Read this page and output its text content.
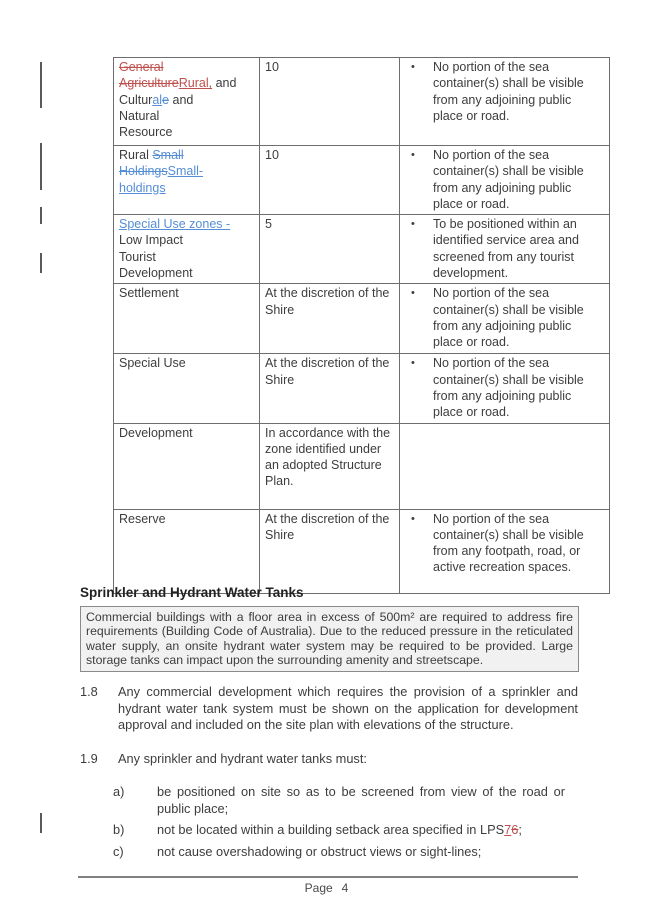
General
AgricultureRural, and
Culturale and
Natural
Resource	10	• No portion of the sea container(s) shall be visible from any adjoining public place or road.

Rural Small
HoldingsSmall-
holdings	10	• No portion of the sea container(s) shall be visible from any adjoining public place or road.

Special Use zones -
Low Impact
Tourist
Development	5	• To be positioned within an identified service area and screened from any tourist development.

Settlement	At the discretion of the Shire	• No portion of the sea container(s) shall be visible from any adjoining public place or road.

Special Use	At the discretion of the Shire	• No portion of the sea container(s) shall be visible from any adjoining public place or road.

Development	In accordance with the zone identified under an adopted Structure Plan.	

Reserve	At the discretion of the Shire	• No portion of the sea container(s) shall be visible from any footpath, road, or active recreation spaces.
Sprinkler and Hydrant Water Tanks
Commercial buildings with a floor area in excess of 500m² are required to address fire requirements (Building Code of Australia). Due to the reduced pressure in the reticulated water supply, an onsite hydrant water system may be required to be provided. Large storage tanks can impact upon the surrounding amenity and streetscape.
1.8	Any commercial development which requires the provision of a sprinkler and hydrant water tank system must be shown on the application for development approval and included on the site plan with elevations of the structure.
1.9	Any sprinkler and hydrant water tanks must:
a)	be positioned on site so as to be screened from view of the road or public place;
b)	not be located within a building setback area specified in LPS76;
c)	not cause overshadowing or obstruct views or sight-lines;
Page 4
